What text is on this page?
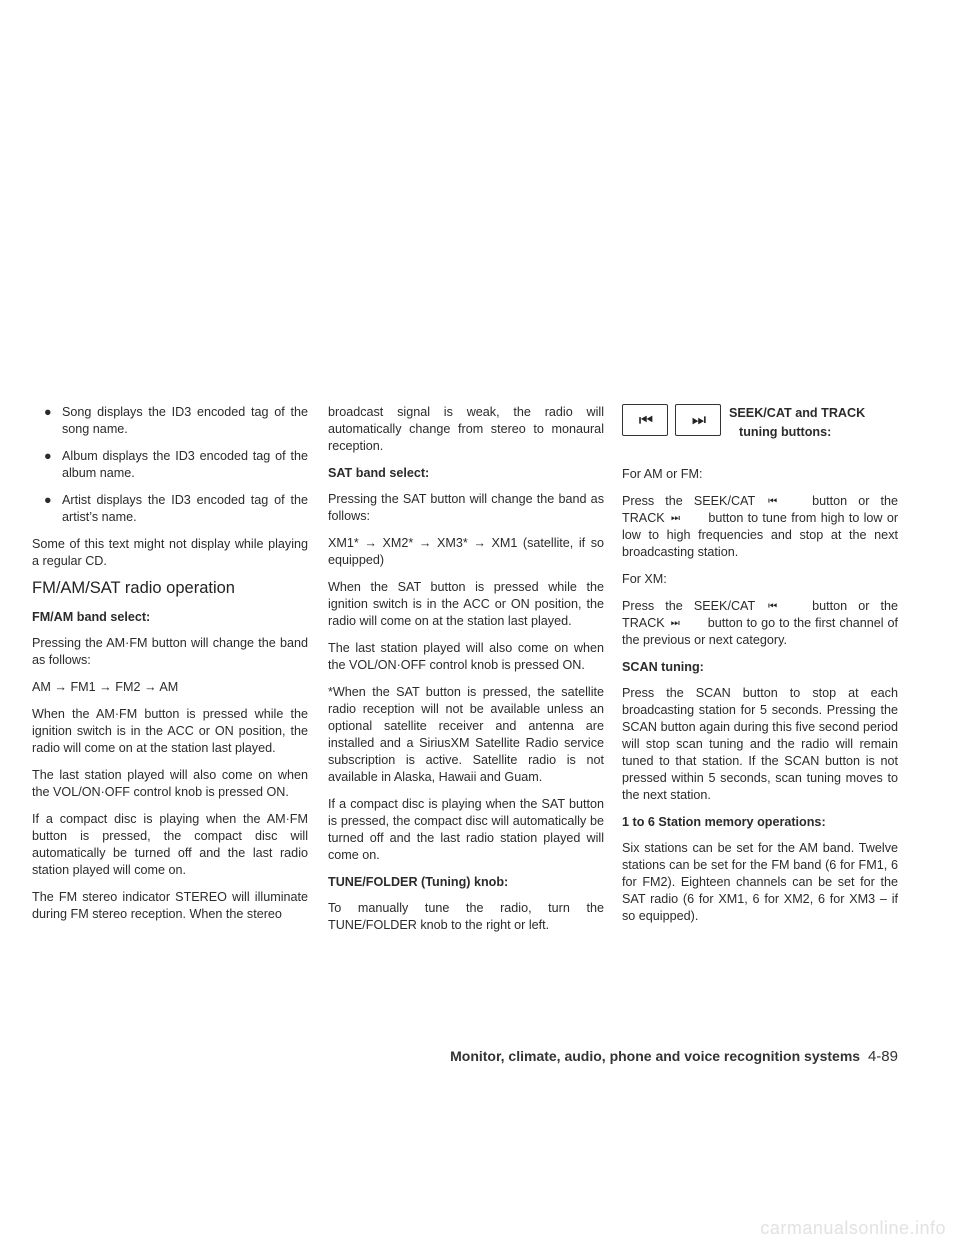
● Song displays the ID3 encoded tag of the song name.
● Album displays the ID3 encoded tag of the album name.
● Artist displays the ID3 encoded tag of the artist’s name.

Some of this text might not display while playing a regular CD.

FM/AM/SAT radio operation

FM/AM band select:

Pressing the AM·FM button will change the band as follows:

AM → FM1 → FM2 → AM

When the AM·FM button is pressed while the ignition switch is in the ACC or ON position, the radio will come on at the station last played.

The last station played will also come on when the VOL/ON·OFF control knob is pressed ON.

If a compact disc is playing when the AM·FM button is pressed, the compact disc will automatically be turned off and the last radio station played will come on.

The FM stereo indicator STEREO will illuminate during FM stereo reception. When the stereo

broadcast signal is weak, the radio will automatically change from stereo to monaural reception.

SAT band select:

Pressing the SAT button will change the band as follows:

XM1* → XM2* → XM3* → XM1 (satellite, if so equipped)

When the SAT button is pressed while the ignition switch is in the ACC or ON position, the radio will come on at the station last played.

The last station played will also come on when the VOL/ON·OFF control knob is pressed ON.

*When the SAT button is pressed, the satellite radio reception will not be available unless an optional satellite receiver and antenna are installed and a SiriusXM Satellite Radio service subscription is active. Satellite radio is not available in Alaska, Hawaii and Guam.

If a compact disc is playing when the SAT button is pressed, the compact disc will automatically be turned off and the last radio station played will come on.

TUNE/FOLDER (Tuning) knob:

To manually tune the radio, turn the TUNE/FOLDER knob to the right or left.

⏮	⏭	SEEK/CAT and TRACK
tuning buttons:

For AM or FM:

Press the SEEK/CAT ⏮	button or the TRACK ⏭ button to tune from high to low or low to high frequencies and stop at the next broadcasting station.

For XM:

Press the SEEK/CAT ⏮	button or the TRACK ⏭ button to go to the first channel of the previous or next category.

SCAN tuning:

Press the SCAN button to stop at each broadcasting station for 5 seconds. Pressing the SCAN button again during this five second period will stop scan tuning and the radio will remain tuned to that station. If the SCAN button is not pressed within 5 seconds, scan tuning moves to the next station.

1 to 6 Station memory operations:

Six stations can be set for the AM band. Twelve stations can be set for the FM band (6 for FM1, 6 for FM2). Eighteen channels can be set for the SAT radio (6 for XM1, 6 for XM2, 6 for XM3 – if so equipped).

Monitor, climate, audio, phone and voice recognition systems 4-89
carmanualsonline.info
